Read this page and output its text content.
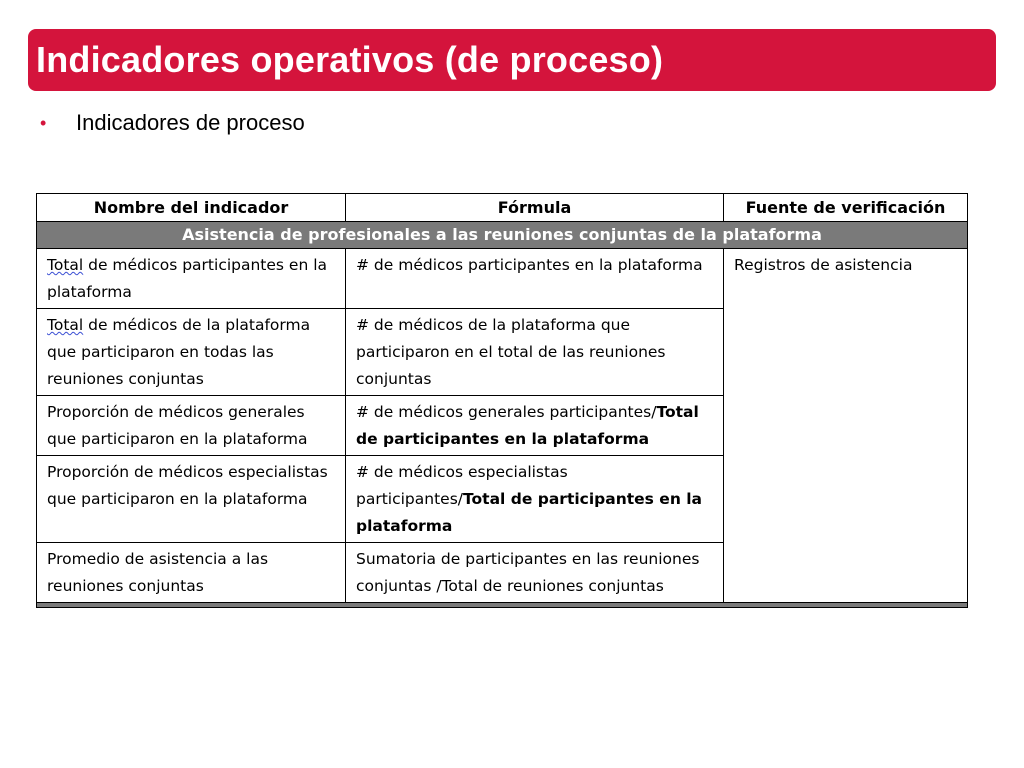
Indicadores operativos (de proceso)
•	Indicadores de proceso
Nombre del indicador	Fórmula	Fuente de verificación
Asistencia de profesionales a las reuniones conjuntas de la plataforma		
Total de médicos participantes en la plataforma	# de médicos participantes en la plataforma	Registros de asistencia
Total de médicos de la plataforma que participaron en todas las reuniones conjuntas	# de médicos de la plataforma que participaron en el total de las reuniones conjuntas	
Proporción de médicos generales que participaron en la plataforma	# de médicos generales participantes/Total de participantes en la plataforma	
Proporción de médicos especialistas que participaron en la plataforma	# de médicos especialistas participantes/Total de participantes en la plataforma	
Promedio de asistencia a las reuniones conjuntas	Sumatoria de participantes en las reuniones conjuntas /Total de reuniones conjuntas	
